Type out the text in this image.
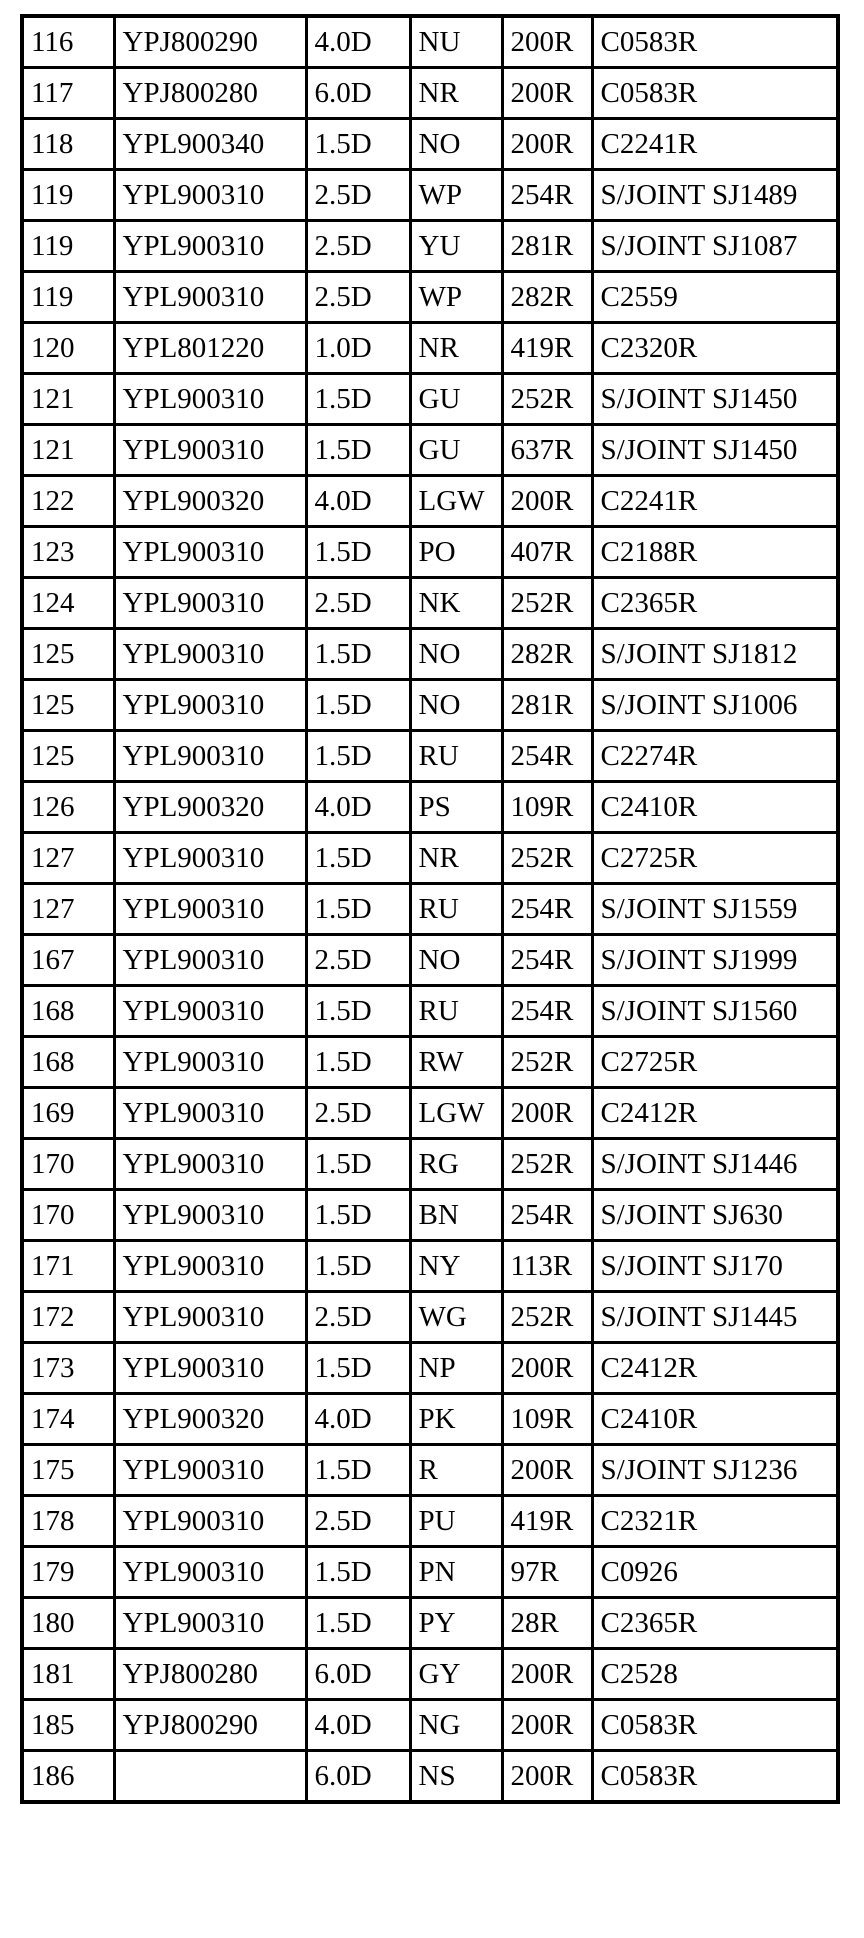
116	YPJ800290	4.0D	NU	200R	C0583R
117	YPJ800280	6.0D	NR	200R	C0583R
118	YPL900340	1.5D	NO	200R	C2241R
119	YPL900310	2.5D	WP	254R	S/JOINT SJ1489
119	YPL900310	2.5D	YU	281R	S/JOINT SJ1087
119	YPL900310	2.5D	WP	282R	C2559
120	YPL801220	1.0D	NR	419R	C2320R
121	YPL900310	1.5D	GU	252R	S/JOINT SJ1450
121	YPL900310	1.5D	GU	637R	S/JOINT SJ1450
122	YPL900320	4.0D	LGW	200R	C2241R
123	YPL900310	1.5D	PO	407R	C2188R
124	YPL900310	2.5D	NK	252R	C2365R
125	YPL900310	1.5D	NO	282R	S/JOINT SJ1812
125	YPL900310	1.5D	NO	281R	S/JOINT SJ1006
125	YPL900310	1.5D	RU	254R	C2274R
126	YPL900320	4.0D	PS	109R	C2410R
127	YPL900310	1.5D	NR	252R	C2725R
127	YPL900310	1.5D	RU	254R	S/JOINT SJ1559
167	YPL900310	2.5D	NO	254R	S/JOINT SJ1999
168	YPL900310	1.5D	RU	254R	S/JOINT SJ1560
168	YPL900310	1.5D	RW	252R	C2725R
169	YPL900310	2.5D	LGW	200R	C2412R
170	YPL900310	1.5D	RG	252R	S/JOINT SJ1446
170	YPL900310	1.5D	BN	254R	S/JOINT SJ630
171	YPL900310	1.5D	NY	113R	S/JOINT SJ170
172	YPL900310	2.5D	WG	252R	S/JOINT SJ1445
173	YPL900310	1.5D	NP	200R	C2412R
174	YPL900320	4.0D	PK	109R	C2410R
175	YPL900310	1.5D	R	200R	S/JOINT SJ1236
178	YPL900310	2.5D	PU	419R	C2321R
179	YPL900310	1.5D	PN	97R	C0926
180	YPL900310	1.5D	PY	28R	C2365R
181	YPJ800280	6.0D	GY	200R	C2528
185	YPJ800290	4.0D	NG	200R	C0583R
186		6.0D	NS	200R	C0583R
